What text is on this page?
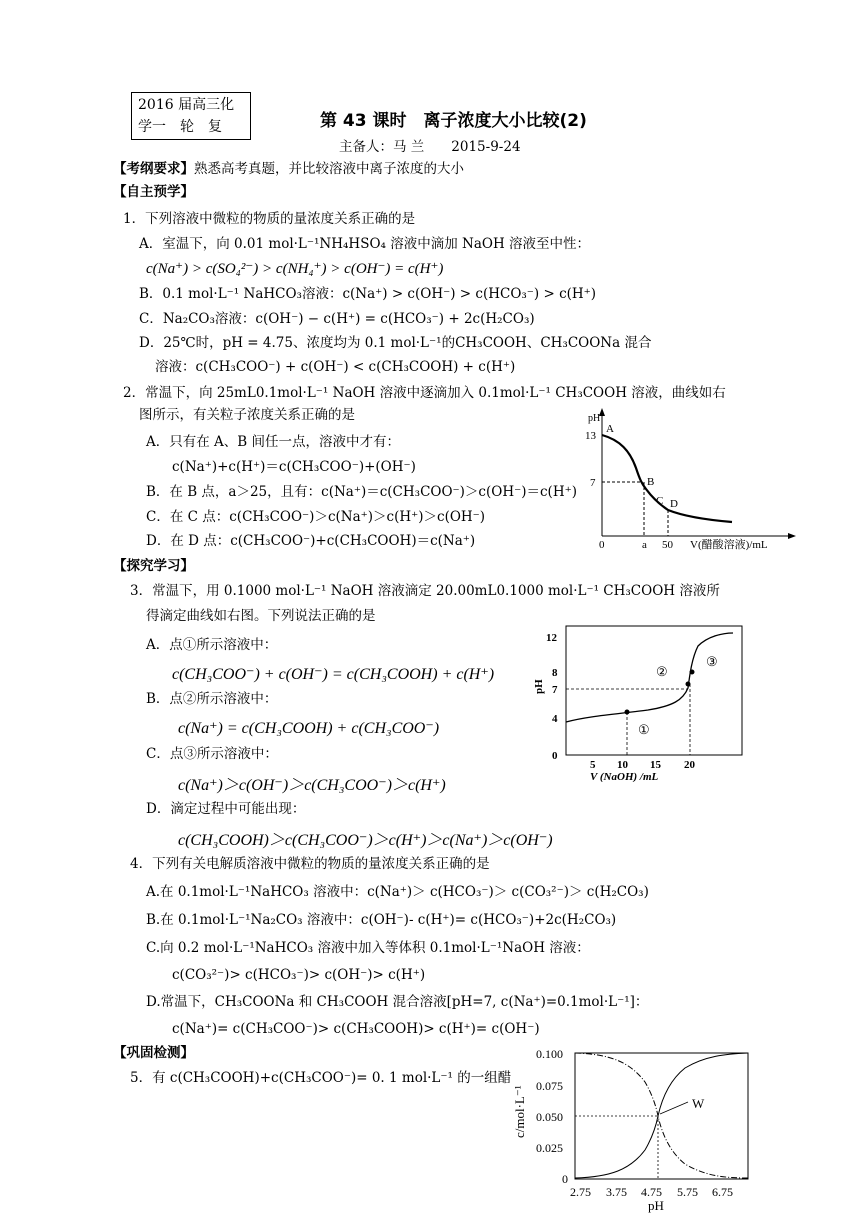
2016 届高三化
学一　轮　复	第 43 课时　离子浓度大小比较(2)
主备人：马 兰　　2015-9-24
【考纲要求】熟悉高考真题，并比较溶液中离子浓度的大小
【自主预学】
1．下列溶液中微粒的物质的量浓度关系正确的是
A．室温下，向 0.01 mol·L⁻¹NH₄HSO₄ 溶液中滴加 NaOH 溶液至中性：
c(Na⁺) > c(SO₄²⁻) > c(NH₄⁺) > c(OH⁻) = c(H⁺)
B．0.1 mol·L⁻¹ NaHCO₃溶液：c(Na⁺) > c(OH⁻) > c(HCO₃⁻) > c(H⁺)
C．Na₂CO₃溶液：c(OH⁻) − c(H⁺) = c(HCO₃⁻) + 2c(H₂CO₃)
D．25℃时，pH = 4.75、浓度均为 0.1 mol·L⁻¹的CH₃COOH、CH₃COONa 混合
溶液：c(CH₃COO⁻) + c(OH⁻) < c(CH₃COOH) + c(H⁺)
2．常温下，向 25mL0.1mol·L⁻¹ NaOH 溶液中逐滴加入 0.1mol·L⁻¹ CH₃COOH 溶液，曲线如右
图所示，有关粒子浓度关系正确的是
A．只有在 A、B 间任一点，溶液中才有：
c(Na⁺)+c(H⁺)＝c(CH₃COO⁻)+(OH⁻)
B．在 B 点，a＞25，且有：c(Na⁺)＝c(CH₃COO⁻)＞c(OH⁻)＝c(H⁺)
C．在 C 点：c(CH₃COO⁻)＞c(Na⁺)＞c(H⁺)＞c(OH⁻)
D．在 D 点：c(CH₃COO⁻)+c(CH₃COOH)＝c(Na⁺)
pH
13
7
0	a 50 V(醋酸溶液)/mL
A
B
C D
【探究学习】
3．常温下，用 0.1000 mol·L⁻¹ NaOH 溶液滴定 20.00mL0.1000 mol·L⁻¹ CH₃COOH 溶液所
得滴定曲线如右图。下列说法正确的是
A．点①所示溶液中：
c(CH₃COO⁻) + c(OH⁻) = c(CH₃COOH) + c(H⁺)
B．点②所示溶液中：
c(Na⁺) = c(CH₃COOH) + c(CH₃COO⁻)
C．点③所示溶液中：
c(Na⁺)＞c(OH⁻)＞c(CH₃COO⁻)＞c(H⁺)
D．滴定过程中可能出现：
c(CH₃COOH)＞c(CH₃COO⁻)＞c(H⁺)＞c(Na⁺)＞c(OH⁻)
pH
12
8
7
4
0
5 10 15 20
V (NaOH) /mL
①
②
③
4．下列有关电解质溶液中微粒的物质的量浓度关系正确的是
A.在 0.1mol·L⁻¹NaHCO₃ 溶液中：c(Na⁺)＞ c(HCO₃⁻)＞ c(CO₃²⁻)＞ c(H₂CO₃)
B.在 0.1mol·L⁻¹Na₂CO₃ 溶液中：c(OH⁻)- c(H⁺)= c(HCO₃⁻)+2c(H₂CO₃)
C.向 0.2 mol·L⁻¹NaHCO₃ 溶液中加入等体积 0.1mol·L⁻¹NaOH 溶液：
c(CO₃²⁻)> c(HCO₃⁻)> c(OH⁻)> c(H⁺)
D.常温下，CH₃COONa 和 CH₃COOH 混合溶液[pH=7, c(Na⁺)=0.1mol·L⁻¹]：
c(Na⁺)= c(CH₃COO⁻)> c(CH₃COOH)> c(H⁺)= c(OH⁻)
【巩固检测】
5．有 c(CH₃COOH)+c(CH₃COO⁻)= 0. 1 mol·L⁻¹ 的一组醋
c/mol·L⁻¹
0.100
0.075
0.050
0.025
0
2.75 3.75 4.75 5.75 6.75
pH
W
